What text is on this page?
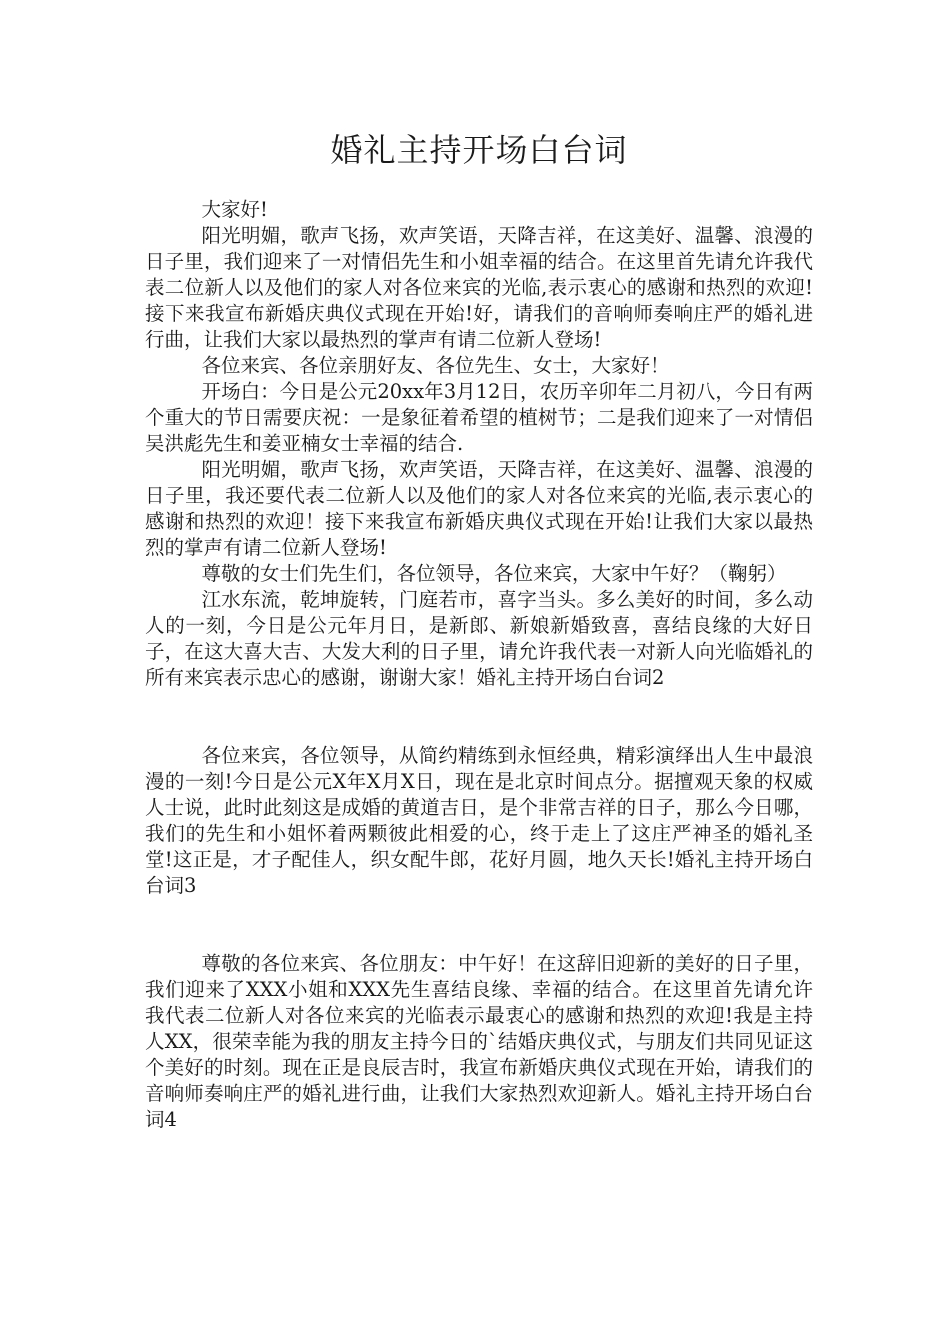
婚礼主持开场白台词

大家好!

阳光明媚，歌声飞扬，欢声笑语，天降吉祥，在这美好、温馨、浪漫的日子里，我们迎来了一对情侣先生和小姐幸福的结合。在这里首先请允许我代表二位新人以及他们的家人对各位来宾的光临,表示衷心的感谢和热烈的欢迎!接下来我宣布新婚庆典仪式现在开始!好，请我们的音响师奏响庄严的婚礼进行曲，让我们大家以最热烈的掌声有请二位新人登场!

各位来宾、各位亲朋好友、各位先生、女士，大家好！

开场白：今日是公元20xx年3月12日，农历辛卯年二月初八，今日有两个重大的节日需要庆祝：一是象征着希望的植树节；二是我们迎来了一对情侣吴洪彪先生和姜亚楠女士幸福的结合.

阳光明媚，歌声飞扬，欢声笑语，天降吉祥，在这美好、温馨、浪漫的日子里，我还要代表二位新人以及他们的家人对各位来宾的光临,表示衷心的感谢和热烈的欢迎！接下来我宣布新婚庆典仪式现在开始!让我们大家以最热烈的掌声有请二位新人登场!

尊敬的女士们先生们，各位领导，各位来宾，大家中午好？（鞠躬）

江水东流，乾坤旋转，门庭若市，喜字当头。多么美好的时间，多么动人的一刻，今日是公元年月日，是新郎、新娘新婚致喜，喜结良缘的大好日子，在这大喜大吉、大发大利的日子里，请允许我代表一对新人向光临婚礼的所有来宾表示忠心的感谢，谢谢大家！婚礼主持开场白台词2

各位来宾，各位领导，从简约精练到永恒经典，精彩演绎出人生中最浪漫的一刻!今日是公元X年X月X日，现在是北京时间点分。据擅观天象的权威人士说，此时此刻这是成婚的黄道吉日，是个非常吉祥的日子，那么今日哪，我们的先生和小姐怀着两颗彼此相爱的心，终于走上了这庄严神圣的婚礼圣堂!这正是，才子配佳人，织女配牛郎，花好月圆，地久天长!婚礼主持开场白台词3

尊敬的各位来宾、各位朋友：中午好！在这辞旧迎新的美好的日子里，我们迎来了XXX小姐和XXX先生喜结良缘、幸福的结合。在这里首先请允许我代表二位新人对各位来宾的光临表示最衷心的感谢和热烈的欢迎!我是主持人XX，很荣幸能为我的朋友主持今日的`结婚庆典仪式，与朋友们共同见证这个美好的时刻。现在正是良辰吉时，我宣布新婚庆典仪式现在开始，请我们的音响师奏响庄严的婚礼进行曲，让我们大家热烈欢迎新人。婚礼主持开场白台词4
